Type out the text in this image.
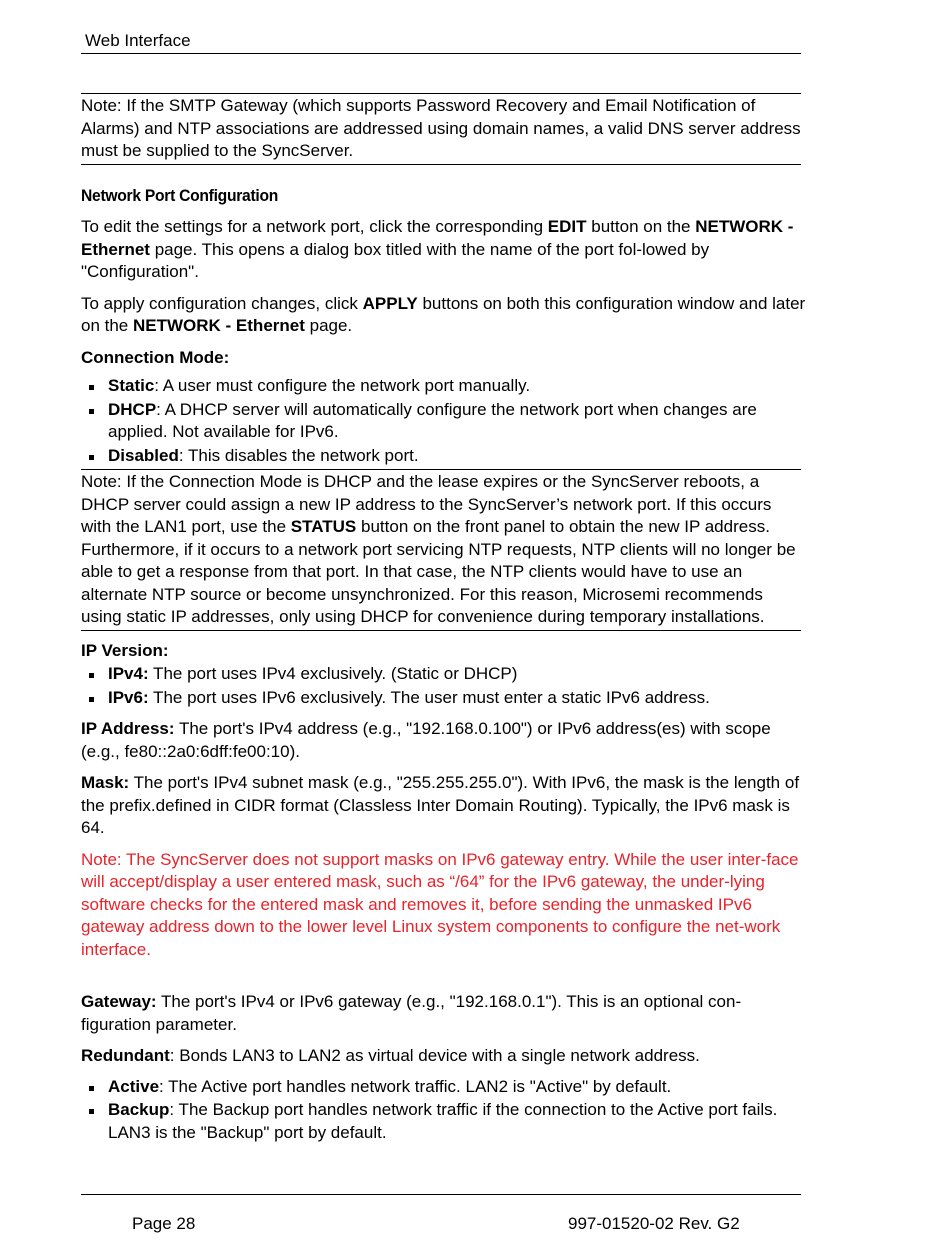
Web Interface
Note: If the SMTP Gateway (which supports Password Recovery and Email Notification of Alarms) and NTP associations are addressed using domain names, a valid DNS server address must be supplied to the SyncServer.
Network Port Configuration

To edit the settings for a network port, click the corresponding EDIT button on the NETWORK - Ethernet page. This opens a dialog box titled with the name of the port fol-lowed by "Configuration".

To apply configuration changes, click APPLY buttons on both this configuration window and later on the NETWORK - Ethernet page.

Connection Mode:
Static: A user must configure the network port manually.
DHCP: A DHCP server will automatically configure the network port when changes are applied. Not available for IPv6.
Disabled: This disables the network port.
Note: If the Connection Mode is DHCP and the lease expires or the SyncServer reboots, a DHCP server could assign a new IP address to the SyncServer’s network port. If this occurs with the LAN1 port, use the STATUS button on the front panel to obtain the new IP address. Furthermore, if it occurs to a network port servicing NTP requests, NTP clients will no longer be able to get a response from that port. In that case, the NTP clients would have to use an alternate NTP source or become unsynchronized. For this reason, Microsemi recommends using static IP addresses, only using DHCP for convenience during temporary installations.
IP Version:
IPv4: The port uses IPv4 exclusively. (Static or DHCP)
IPv6: The port uses IPv6 exclusively. The user must enter a static IPv6 address.

IP Address: The port's IPv4 address (e.g., "192.168.0.100") or IPv6 address(es) with scope (e.g., fe80::2a0:6dff:fe00:10).

Mask: The port's IPv4 subnet mask (e.g., "255.255.255.0"). With IPv6, the mask is the length of the prefix.defined in CIDR format (Classless Inter Domain Routing). Typically, the IPv6 mask is 64.

Note: The SyncServer does not support masks on IPv6 gateway entry. While the user inter-face will accept/display a user entered mask, such as “/64” for the IPv6 gateway, the under-lying software checks for the entered mask and removes it, before sending the unmasked IPv6 gateway address down to the lower level Linux system components to configure the net-work interface.

Gateway: The port's IPv4 or IPv6 gateway (e.g., "192.168.0.1"). This is an optional con-figuration parameter.

Redundant: Bonds LAN3 to LAN2 as virtual device with a single network address.

Active: The Active port handles network traffic. LAN2 is "Active" by default.
Backup: The Backup port handles network traffic if the connection to the Active port fails. LAN3 is the "Backup" port by default.
Page 28	997-01520-02 Rev. G2
